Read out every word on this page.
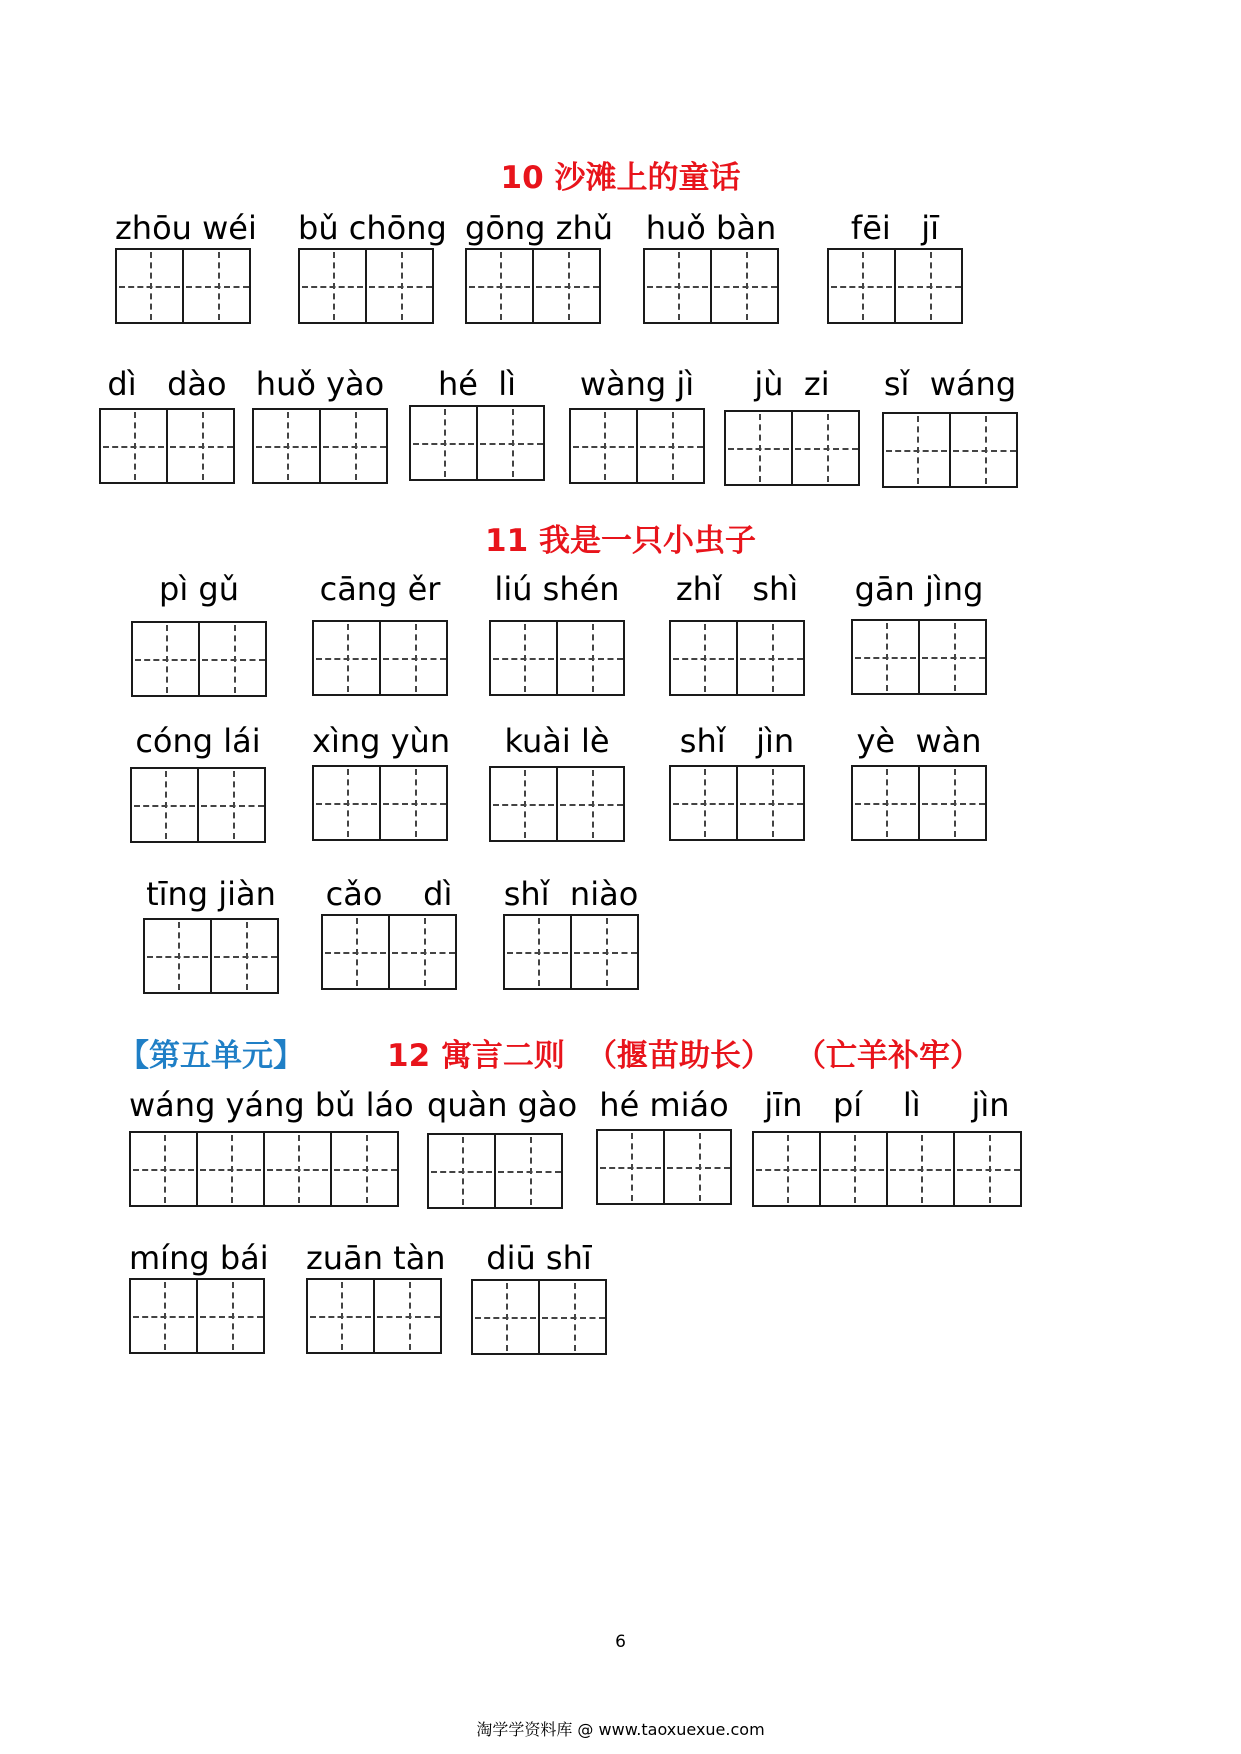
10 沙滩上的童话
11 我是一只小虫子
【第五单元】	12 寓言二则 （揠苗助长） （亡羊补牢）
zhōu wéi bǔ chōng gōng zhǔ huǒ bàn	fēi   jī
dì   dào huǒ yào	hé  lì	wàng jì	jù  zi	sǐ  wáng
pì gǔ	cāng ěr liú shén zhǐ   shì gān jìng
cóng lái xìng yùn	kuài lè	shǐ   jìn	yè  wàn
tīng jiàn cǎo    dì shǐ  niào
wáng yáng bǔ láo quàn gào hé miáo	jīn   pí    lì     jìn
míng bái zuān tàn	diū shī
6
淘学学资料库 @ www.taoxuexue.com
